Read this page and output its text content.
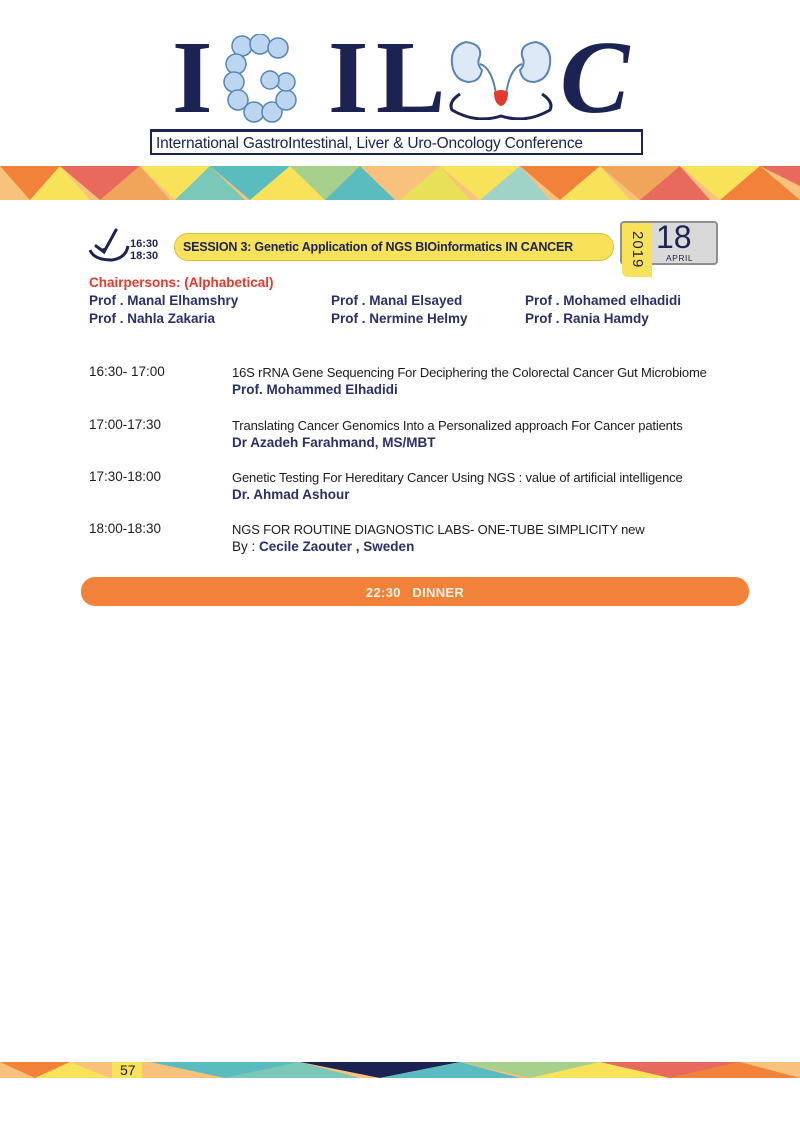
I I L C
International GastroIntestinal, Liver & Uro-Oncology Conference
16:30
18:30
SESSION 3: Genetic Application of NGS BIOinformatics IN CANCER	2019 18
APRIL
Chairpersons: (Alphabetical)
Prof . Manal Elhamshry	Prof . Manal Elsayed	Prof . Mohamed elhadidi
Prof . Nahla Zakaria	Prof . Nermine Helmy	Prof . Rania Hamdy
16:30- 17:00	16S rRNA Gene Sequencing For Deciphering the Colorectal Cancer Gut Microbiome
Prof. Mohammed Elhadidi
17:00-17:30	Translating Cancer Genomics Into a Personalized approach For Cancer patients
Dr Azadeh Farahmand, MS/MBT
17:30-18:00	Genetic Testing For Hereditary Cancer Using NGS : value of artificial intelligence
Dr. Ahmad Ashour
18:00-18:30	NGS FOR ROUTINE DIAGNOSTIC LABS- ONE-TUBE SIMPLICITY new
By : Cecile Zaouter , Sweden
22:30 DINNER
57
